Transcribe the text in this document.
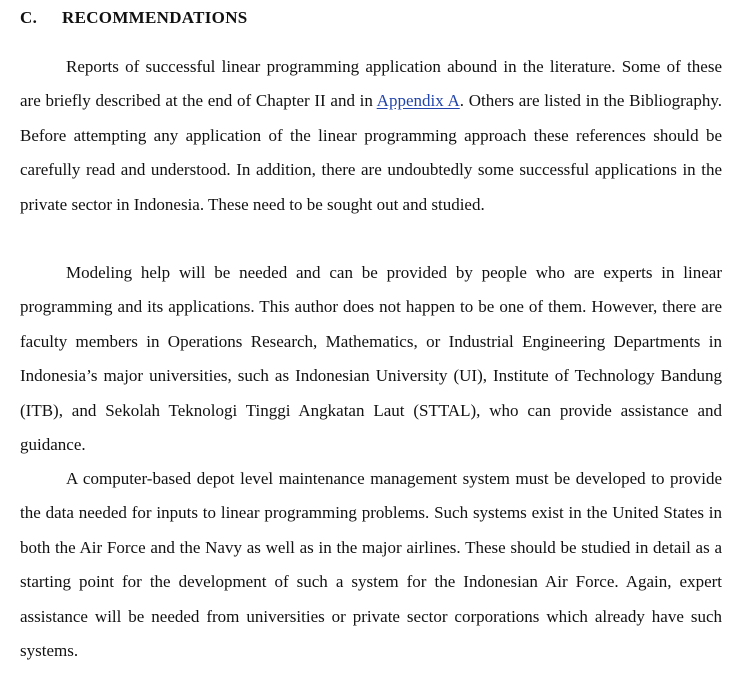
C. RECOMMENDATIONS
Reports of successful linear programming application abound in the literature. Some of these are briefly described at the end of Chapter II and in Appendix A. Others are listed in the Bibliography. Before attempting any application of the linear programming approach these references should be carefully read and understood. In addition, there are undoubtedly some successful applications in the private sector in Indonesia. These need to be sought out and studied.
Modeling help will be needed and can be provided by people who are experts in linear programming and its applications. This author does not happen to be one of them. However, there are faculty members in Operations Research, Mathematics, or Industrial Engineering Departments in Indonesia’s major universities, such as Indonesian University (UI), Institute of Technology Bandung (ITB), and Sekolah Teknologi Tinggi Angkatan Laut (STTAL), who can provide assistance and guidance.
A computer-based depot level maintenance management system must be developed to provide the data needed for inputs to linear programming problems. Such systems exist in the United States in both the Air Force and the Navy as well as in the major airlines. These should be studied in detail as a starting point for the development of such a system for the Indonesian Air Force. Again, expert assistance will be needed from universities or private sector corporations which already have such systems.
